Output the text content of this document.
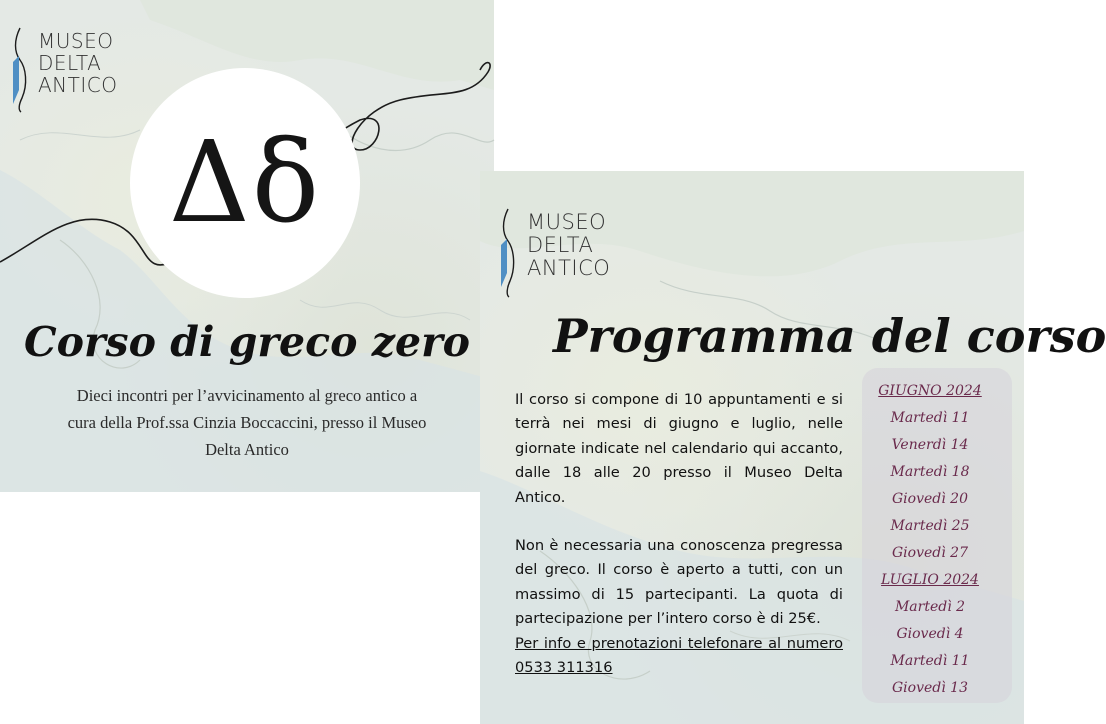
MUSEO
DELTA
ANTICO
Δδ
Corso di greco zero
Dieci incontri per l’avvicinamento al greco antico a cura della Prof.ssa Cinzia Boccaccini, presso il Museo Delta Antico
MUSEO
DELTA
ANTICO
Programma del corso

Il corso si compone di 10 appuntamenti e si terrà nei mesi di giugno e luglio, nelle giornate indicate nel calendario qui accanto, dalle 18 alle 20 presso il Museo Delta Antico.

Non è necessaria una conoscenza pregressa del greco. Il corso è aperto a tutti, con un massimo di 15 partecipanti. La quota di partecipazione per l’intero corso è di 25€.

Per info e prenotazioni telefonare al numero 0533 311316

GIUGNO 2024
Martedì 11
Venerdì 14
Martedì 18
Giovedì 20
Martedì 25
Giovedì 27
LUGLIO 2024
Martedì 2
Giovedì 4
Martedì 11
Giovedì 13
